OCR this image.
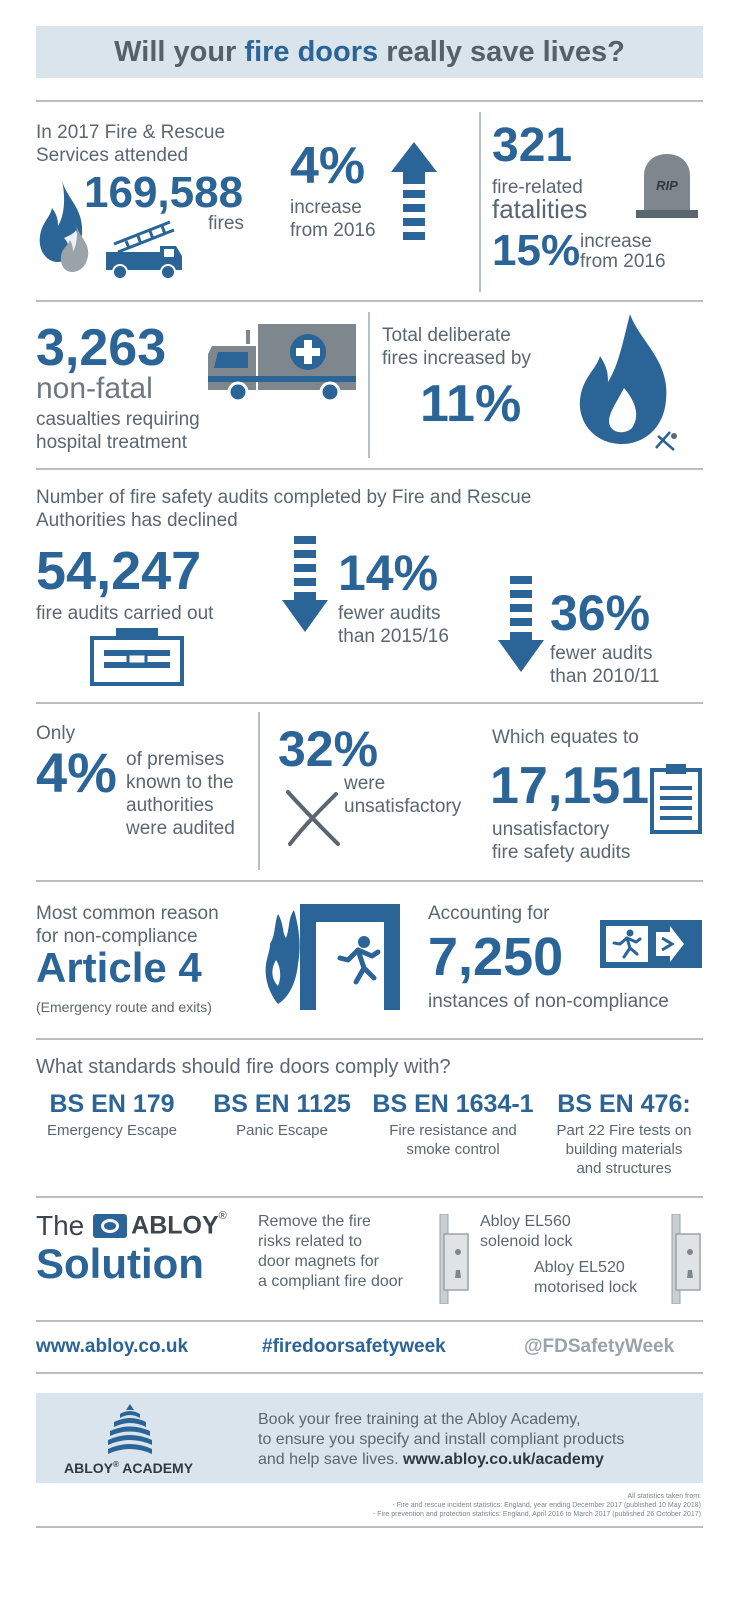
Will your fire doors really save lives?
In 2017 Fire & Rescue
Services attended
169,588
fires
4%
increase
from 2016
321
fire-related
fatalities
RIP
15% increase
from 2016
3,263
non-fatal
casualties requiring
hospital treatment
Total deliberate
fires increased by
11%
Number of fire safety audits completed by Fire and Rescue
Authorities has declined
54,247
fire audits carried out
14%
fewer audits
than 2015/16 36%
fewer audits
than 2010/11
Only
4% of premises
known to the
authorities
were audited
32%
were
unsatisfactory
Which equates to
17,151
unsatisfactory
fire safety audits
Most common reason
for non-compliance
Article 4
(Emergency route and exits)
Accounting for
7,250
instances of non-compliance
What standards should fire doors comply with?
BS EN 179
Emergency Escape
BS EN 1125
Panic Escape
BS EN 1634-1
Fire resistance and
smoke control
BS EN 476:
Part 22 Fire tests on
building materials
and structures
The ABLOY®
Solution
Remove the fire
risks related to
door magnets for
a compliant fire door
Abloy EL560
solenoid lock
Abloy EL520
motorised lock
www.abloy.co.uk	#firedoorsafetyweek	@FDSafetyWeek
ABLOY® ACADEMY
Book your free training at the Abloy Academy,
to ensure you specify and install compliant products
and help save lives. www.abloy.co.uk/academy
All statistics taken from:
- Fire and rescue incident statistics: England, year ending December 2017 (published 10 May 2018)
- Fire prevention and protection statistics: England, April 2016 to March 2017 (published 26 October 2017)
